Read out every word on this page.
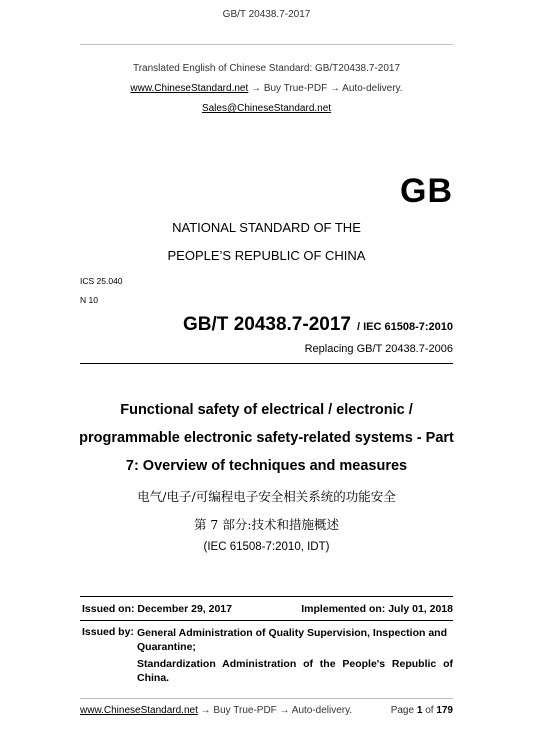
GB/T 20438.7-2017
Translated English of Chinese Standard: GB/T20438.7-2017
www.ChineseStandard.net → Buy True-PDF → Auto-delivery.
Sales@ChineseStandard.net
GB
NATIONAL STANDARD OF THE
PEOPLE’S REPUBLIC OF CHINA
ICS 25.040
N 10
GB/T 20438.7-2017 / IEC 61508-7:2010
Replacing GB/T 20438.7-2006
Functional safety of electrical / electronic /
programmable electronic safety-related systems - Part
7: Overview of techniques and measures
电气/电子/可编程电子安全相关系统的功能安全
第 7 部分:技术和措施概述
(IEC 61508-7:2010, IDT)
Issued on: December 29, 2017	Implemented on: July 01, 2018
Issued by: General Administration of Quality Supervision, Inspection and Quarantine;
Standardization Administration of the People's Republic of China.
www.ChineseStandard.net → Buy True-PDF → Auto-delivery.	Page 1 of 179
